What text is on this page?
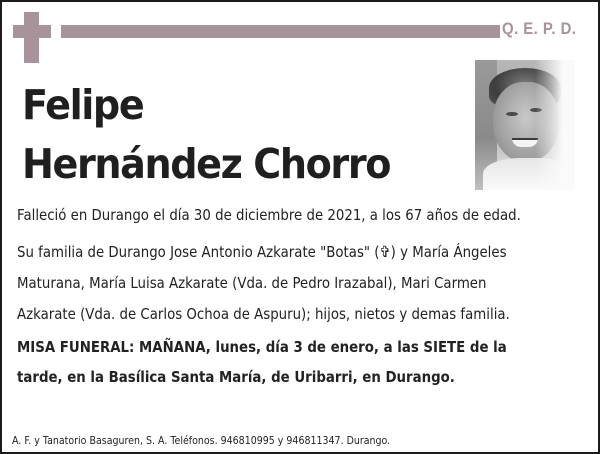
Q. E. P. D.
Felipe
Hernández Chorro
Falleció en Durango el día 30 de diciembre de 2021, a los 67 años de edad.
Su familia de Durango Jose Antonio Azkarate "Botas" (✞) y María Ángeles
Maturana, María Luisa Azkarate (Vda. de Pedro Irazabal), Mari Carmen
Azkarate (Vda. de Carlos Ochoa de Aspuru); hijos, nietos y demas familia.
MISA FUNERAL: MAÑANA, lunes, día 3 de enero, a las SIETE de la
tarde, en la Basílica Santa María, de Uribarri, en Durango.
A. F. y Tanatorio Basaguren, S. A. Teléfonos. 946810995 y 946811347. Durango.
